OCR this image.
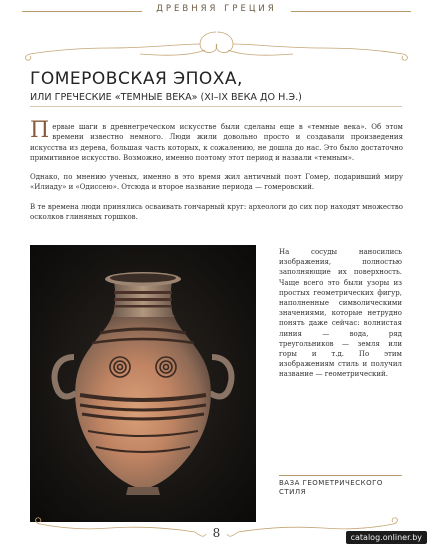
ДРЕВНЯЯ ГРЕЦИЯ
ГОМЕРОВСКАЯ ЭПОХА,
ИЛИ ГРЕЧЕСКИЕ «ТЕМНЫЕ ВЕКА» (XI–IX ВЕКА ДО Н.Э.)

Первые шаги в древнегреческом искусстве были сделаны еще в «темные века». Об этом времени известно немного. Люди жили довольно просто и создавали произведения искусства из дерева, большая часть которых, к сожалению, не дошла до нас. Это было достаточно примитивное искусство. Возможно, именно поэтому этот период и назвали «темным».

Однако, по мнению ученых, именно в это время жил античный поэт Гомер, подаривший миру «Илиаду» и «Одиссею». Отсюда и второе название периода — гомеровский.

В те времена люди принялись осваивать гончарный круг: археологи до сих пор находят множество осколков глиняных горшков.

На сосуды наносились изображения, полностью заполняющие их поверхность. Чаще всего это были узоры из простых геометрических фигур, наполненные символическими значениями, которые нетрудно понять даже сейчас: волнистая линия — вода, ряд треугольников — земля или горы и т.д. По этим изображениям стиль и получил название — геометрический.

ВАЗА ГЕОМЕТРИЧЕСКОГО СТИЛЯ
8	catalog.onliner.by
